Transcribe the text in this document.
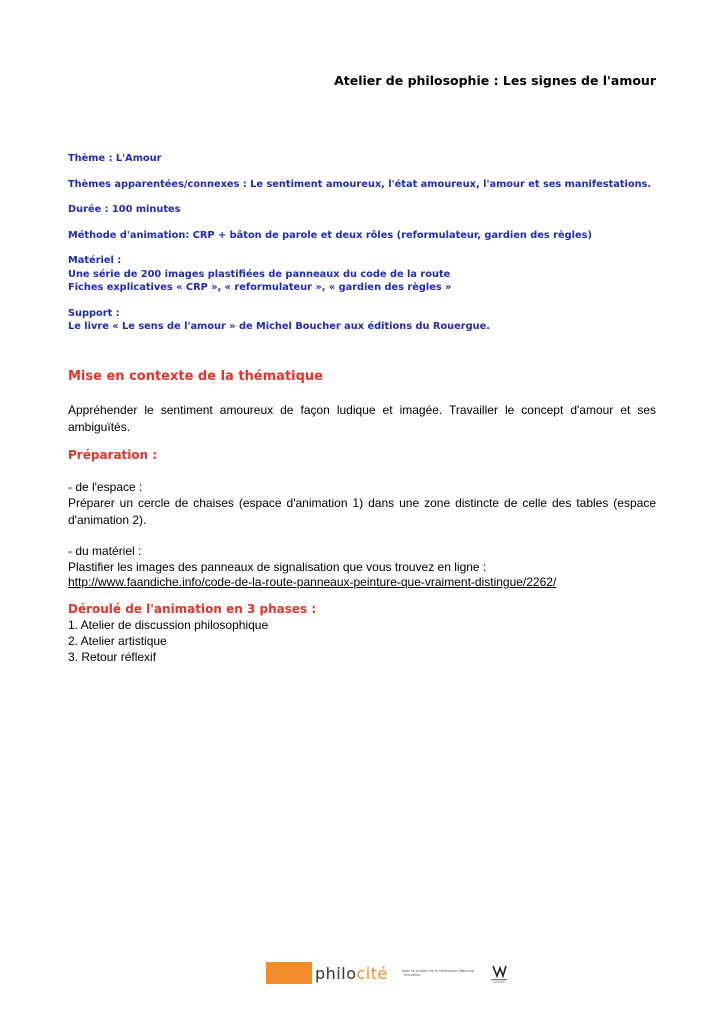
Atelier de philosophie : Les signes de l'amour

Thème : L'Amour

Thèmes apparentées/connexes : Le sentiment amoureux, l'état amoureux, l'amour et ses manifestations.

Durée : 100 minutes

Méthode d'animation: CRP + bâton de parole et deux rôles (reformulateur, gardien des règles)

Matériel :

Une série de 200 images plastifiées de panneaux du code de la route

Fiches explicatives « CRP », « reformulateur », « gardien des règles »

Support :

Le livre « Le sens de l'amour » de Michel Boucher aux éditions du Rouergue.

Mise en contexte de la thématique
Appréhender le sentiment amoureux de façon ludique et imagée. Travailler le concept d'amour et ses ambiguïtés.
Préparation :
- de l'espace :
Préparer un cercle de chaises (espace d'animation 1) dans une zone distincte de celle des tables (espace d'animation 2).
- du matériel :
Plastifier les images des panneaux de signalisation que vous trouvez en ligne :
http://www.faandiche.info/code-de-la-route-panneaux-peinture-que-vraiment-distingue/2262/
Déroulé de l'animation en 3 phases :
1. Atelier de discussion philosophique
2. Atelier artistique
3. Retour réflexif
philocité	Avec le soutien de la Fédération Wallonie - Bruxelles
